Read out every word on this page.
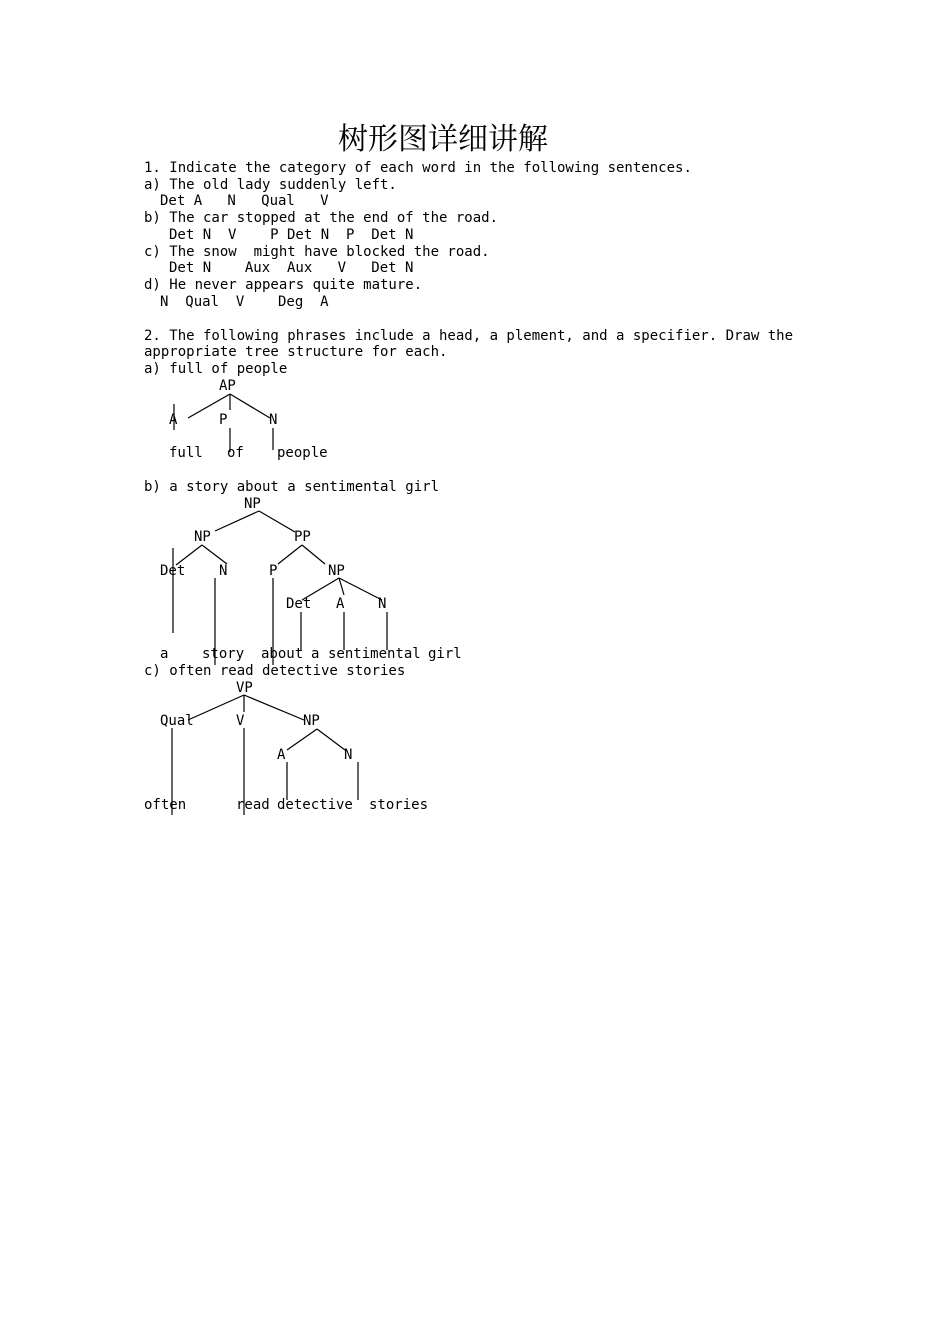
树形图详细讲解
1. Indicate the category of each word in the following sentences.
a) The old lady suddenly left.
Det A   N   Qual   V
b) The car stopped at the end of the road.
Det N  V    P Det N  P  Det N
c) The snow  might have blocked the road.
Det N    Aux  Aux   V   Det N
d) He never appears quite mature.
N  Qual  V    Deg  A
2. The following phrases include a head, a plement, and a specifier. Draw the
appropriate tree structure for each.
a) full of people
AP
A	P	N
full of people
b) a story about a sentimental girl
NP
NP	PP
Det N	P	NP
Det A N
a story about a sentimental girl
c) often read detective stories
VP
Qual	V	NP
A	N
often	read detective stories
